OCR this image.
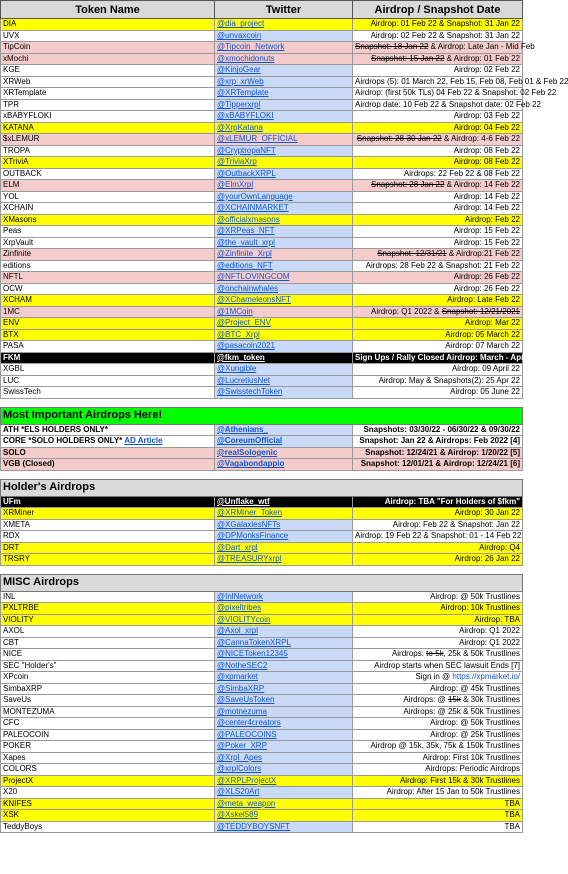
Token Name	Twitter	Airdrop / Snapshot Date
DIA	@dia_project	Airdrop: 01 Feb 22 & Snapshot: 31 Jan 22
UVX	@unvaxcoin	Airdrop: 02 Feb 22 & Snapshot: 31 Jan 22
TipCoin	@Tipcoin_Network	Snapshot: 18 Jan 22 & Airdrop: Late Jan - Mid Feb
xMochi	@xmochidonuts	Snapshot: 15 Jan 22 & Airdrop: 01 Feb 22
KGE	@KinjoGear	Airdrop: 02 Feb 22
XRWeb	@xrp_xrWeb	Airdrops (5): 01 March 22, Feb 15, Feb 08, Feb 01 & Feb 22
XRTemplate	@XRTemplate	Airdrop: (first 50k TLs) 04 Feb 22 & Snapshot: 02 Feb 22
TPR	@Tipperxrpl	Airdrop date: 10 Feb 22 & Snapshot date: 02 Feb 22
xBABYFLOKI	@xBABYFLOKI	Airdrop: 03 Feb 22
KATANA	@XrpKatana	Airdrop: 04 Feb 22
$xLEMUR	@xLEMUR_OFFICIAL	Snapshot: 28-30 Jan 22 & Airdrop: 4-6 Feb 22
TROPA	@CryptropaNFT	Airdrop: 08 Feb 22
XTriviA	@TriviaXrp	Airdrop: 08 Feb 22
OUTBACK	@OutbackXRPL	Airdrops: 22 Feb 22 & 08 Feb 22
ELM	@ElmXrpl	Snapshot: 28 Jan 22 & Airdrop: 14 Feb 22
YOL	@yourOwnLanguage	Airdrop: 14 Feb 22
XCHAIN	@XCHAINMARKET	Airdrop: 14 Feb 22
XMasons	@officialxmasons	Airdrop: Feb 22
Peas	@XRPeas_NFT	Airdrop: 15 Feb 22
XrpVault	@the_vault_xrpl	Airdrop: 15 Feb 22
Zinfinite	@Zinfinite_Xrpl	Snapshot: 12/31/21 & Airdrop:21 Feb 22
editions	@editions_NFT	Airdrops: 28 Feb 22 & Snapshot: 21 Feb 22
NFTL	@NFTLOVINGCOM	Airdrop: 26 Feb 22
OCW	@onchainwhales	Airdrop: 26 Feb 22
XCHAM	@XChameleonsNFT	Airdrop: Late Feb 22
1MC	@1MCoin	Airdrop: Q1 2022 & Snapshot: 12/21/2021
ENV	@Project_ENV	Airdrop: Mar 22
BTX	@BTC_Xrpl	Airdrop: 05 March 22
PASA	@pasacoin2021	Airdrop: 07 March 22
FKM	@fkm_token	Sign Ups / Rally Closed Airdrop: March - April [3]
XGBL	@Xungible	Airdrop: 09 April 22
LUC	@LucretiusNet	Airdrop: May & Snapshots(2): 25 Apr 22
SwissTech	@SwisstechToken	Airdrop: 05 June 22

Most Important Airdrops Here!		
ATH *ELS HOLDERS ONLY*	@Athenians_	Snapshots: 03/30/22 - 06/30/22 & 09/30/22
CORE *SOLO HOLDERS ONLY* AD Article	@CoreumOfficial	Snapshot: Jan 22 & Airdrops: Feb 2022 [4]
SOLO	@realSologenic	Snapshot: 12/24/21 & Airdrop: 1/20/22 [5]
VGB (Closed)	@Vagabondappio	Snapshot: 12/01/21 & Airdrop: 12/24/21 [6]

Holder's Airdrops		
UFm	@Unflake_wtf	Airdrop: TBA "For Holders of $fkm"
XRMiner	@XRMiner_Token	Airdrop: 30 Jan 22
XMETA	@XGalaxiesNFTs	Airdrop: Feb 22 & Snapshot: Jan 22
RDX	@DPMonksFinance	Airdrop: 19 Feb 22 & Snapshot: 01 - 14 Feb 22
DRT	@Dart_xrpl	Airdrop: Q4
TRSRY	@TREASURYxrpl	Airdrop: 26 Jan 22

MISC Airdrops		
INL	@InlNetwork	Airdrop: @ 50k Trustlines
PXLTRBE	@pixeltribes	Airdrop: 10k Trustlines
VIOLITY	@VIOLITYcoin	Airdrop: TBA
AXOL	@Axol_xrpl	Airdrop: Q1 2022
CBT	@CannaTokenXRPL	Airdrop: Q1 2022
NICE	@NICEToken12345	Airdrops: to 5k, 25k & 50k Trustlines
SEC "Holder's"	@NotheSEC2	Airdrop starts when SEC lawsuit Ends [7]
XPcoin	@xpmarket	Sign in @ https://xpmarket.io/
SimbaXRP	@SimbaXRP	Airdrop: @ 45k Trustlines
SaveUs	@SaveUsToken	Airdrops: @ 15k & 30k Trustlines
MONTEZUMA	@motnezuma	Airdrops: @ 25k & 50k Trustlines
CFC	@center4creators	Airdrop: @ 50k Trustlines
PALEOCOIN	@PALEOCOINS	Airdrop: @ 25k Trustlines
POKER	@Poker_XRP	Airdrop @ 15k, 35k, 75k & 150k Trustlines
Xapes	@Xrpl_Apes	Airdrop: First 10k Trustlines
COLORS	@xrplColors	Airdrops: Periodic Airdrops
ProjectX	@XRPLProjectX	Airdrop: First 15k & 30k Trustlines
X20	@XLS20Art	Airdrop: After 15 Jan to 50k Trustlines
KNIFES	@meta_weapon	TBA
XSK	@Xskel589	TBA
TeddyBoys	@TEDDYBOYSNFT	TBA
